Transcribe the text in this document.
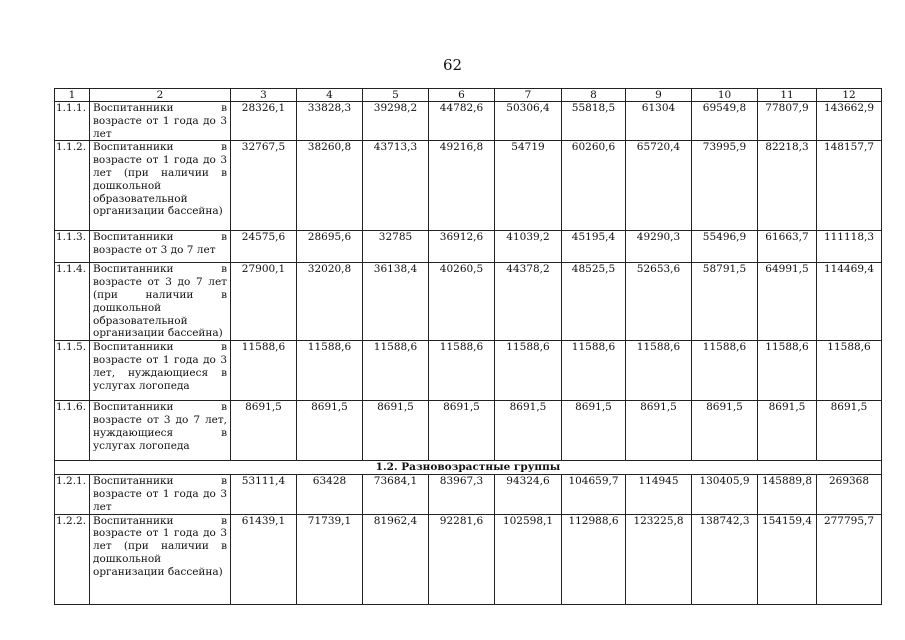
62
1	2	3	4	5	6	7	8	9	10	11	12
1.1.1.	Воспитанники в возрасте от 1 года до 3 лет	28326,1	33828,3	39298,2	44782,6	50306,4	55818,5	61304	69549,8	77807,9	143662,9
1.1.2.	Воспитанники в возрасте от 1 года до 3 лет (при наличии в дошкольной образовательной организации бассейна)	32767,5	38260,8	43713,3	49216,8	54719	60260,6	65720,4	73995,9	82218,3	148157,7
1.1.3.	Воспитанники в возрасте от 3 до 7 лет	24575,6	28695,6	32785	36912,6	41039,2	45195,4	49290,3	55496,9	61663,7	111118,3
1.1.4.	Воспитанники в возрасте от 3 до 7 лет (при наличии в дошкольной образовательной организации бассейна)	27900,1	32020,8	36138,4	40260,5	44378,2	48525,5	52653,6	58791,5	64991,5	114469,4
1.1.5.	Воспитанники в возрасте от 1 года до 3 лет, нуждающиеся в услугах логопеда	11588,6	11588,6	11588,6	11588,6	11588,6	11588,6	11588,6	11588,6	11588,6	11588,6
1.1.6.	Воспитанники в возрасте от 3 до 7 лет, нуждающиеся в услугах логопеда	8691,5	8691,5	8691,5	8691,5	8691,5	8691,5	8691,5	8691,5	8691,5	8691,5
1.2. Разновозрастные группы											
1.2.1.	Воспитанники в возрасте от 1 года до 3 лет	53111,4	63428	73684,1	83967,3	94324,6	104659,7	114945	130405,9	145889,8	269368
1.2.2.	Воспитанники в возрасте от 1 года до 3 лет (при наличии в дошкольной организации бассейна)	61439,1	71739,1	81962,4	92281,6	102598,1	112988,6	123225,8	138742,3	154159,4	277795,7
